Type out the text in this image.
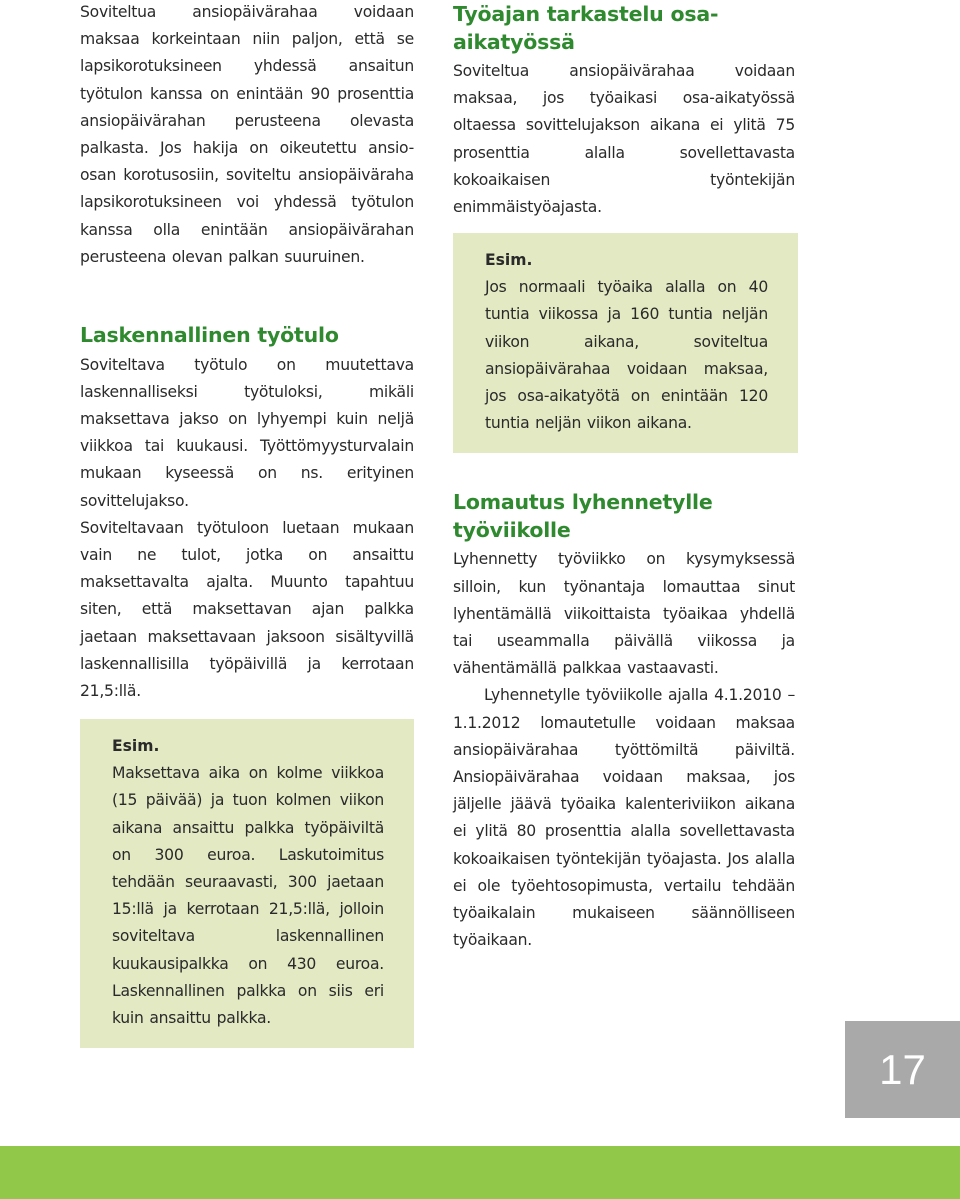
Soviteltua ansiopäivärahaa voidaan maksaa korkeintaan niin paljon, että se lapsikorotuksineen yhdessä ansaitun työtulon kanssa on enintään 90 prosenttia ansiopäivärahan perusteena olevasta palkasta. Jos hakija on oikeutettu ansio-osan korotusosiin, soviteltu ansiopäiväraha lapsikorotuksineen voi yhdessä työtulon kanssa olla enintään ansiopäivärahan perusteena olevan palkan suuruinen.

Laskennallinen työtulo

Soviteltava työtulo on muutettava laskennalliseksi työtuloksi, mikäli maksettava jakso on lyhyempi kuin neljä viikkoa tai kuukausi. Työttömyysturvalain mukaan kyseessä on ns. erityinen sovittelujakso.

Soviteltavaan työtuloon luetaan mukaan vain ne tulot, jotka on ansaittu maksettavalta ajalta. Muunto tapahtuu siten, että maksettavan ajan palkka jaetaan maksettavaan jaksoon sisältyvillä laskennallisilla työpäivillä ja kerrotaan 21,5:llä.

Esim.

Maksettava aika on kolme viikkoa (15 päivää) ja tuon kolmen viikon aikana ansaittu palkka työpäiviltä on 300 euroa. Laskutoimitus tehdään seuraavasti, 300 jaetaan 15:llä ja kerrotaan 21,5:llä, jolloin soviteltava laskennallinen kuukausipalkka on 430 euroa. Laskennallinen palkka on siis eri kuin ansaittu palkka.

Työajan tarkastelu osa-aikatyössä

Soviteltua ansiopäivärahaa voidaan maksaa, jos työaikasi osa-aikatyössä oltaessa sovittelujakson aikana ei ylitä 75 prosenttia alalla sovellettavasta kokoaikaisen työntekijän enimmäistyöajasta.

Esim.

Jos normaali työaika alalla on 40 tuntia viikossa ja 160 tuntia neljän viikon aikana, soviteltua ansiopäivärahaa voidaan maksaa, jos osa-aikatyötä on enintään 120 tuntia neljän viikon aikana.

Lomautus lyhennetylle työviikolle

Lyhennetty työviikko on kysymyksessä silloin, kun työnantaja lomauttaa sinut lyhentämällä viikoittaista työaikaa yhdellä tai useammalla päivällä viikossa ja vähentämällä palkkaa vastaavasti.

Lyhennetylle työviikolle ajalla 4.1.2010 – 1.1.2012 lomautetulle voidaan maksaa ansiopäivärahaa työttömiltä päiviltä. Ansiopäivärahaa voidaan maksaa, jos jäljelle jäävä työaika kalenteriviikon aikana ei ylitä 80 prosenttia alalla sovellettavasta kokoaikaisen työntekijän työajasta. Jos alalla ei ole työehtosopimusta, vertailu tehdään työaikalain mukaiseen säännölliseen työaikaan.

17
